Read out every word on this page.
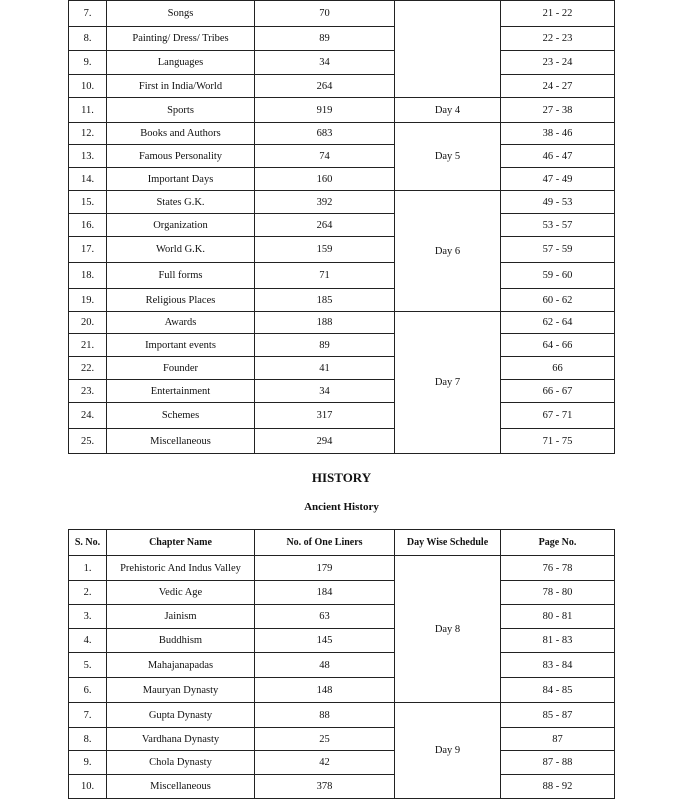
7.	Songs	70		21 - 22
8.	Painting/ Dress/ Tribes	89		22 - 23
9.	Languages	34		23 - 24
10.	First in India/World	264		24 - 27
11.	Sports	919	Day 4	27 - 38
12.	Books and Authors	683	Day 5	38 - 46
13.	Famous Personality	74		46 - 47
14.	Important Days	160		47 - 49
15.	States G.K.	392	Day 6	49 - 53
16.	Organization	264		53 - 57
17.	World G.K.	159		57 - 59
18.	Full forms	71		59 - 60
19.	Religious Places	185		60 - 62
20.	Awards	188	Day 7	62 - 64
21.	Important events	89		64 - 66
22.	Founder	41		66
23.	Entertainment	34		66 - 67
24.	Schemes	317		67 - 71
25.	Miscellaneous	294		71 - 75
HISTORY
Ancient History
S. No.	Chapter Name	No. of One Liners	Day Wise Schedule	Page No.
1.	Prehistoric And Indus Valley	179	Day 8	76 - 78
2.	Vedic Age	184		78 - 80
3.	Jainism	63		80 - 81
4.	Buddhism	145		81 - 83
5.	Mahajanapadas	48		83 - 84
6.	Mauryan Dynasty	148		84 - 85
7.	Gupta Dynasty	88	Day 9	85 - 87
8.	Vardhana Dynasty	25		87
9.	Chola Dynasty	42		87 - 88
10.	Miscellaneous	378		88 - 92
